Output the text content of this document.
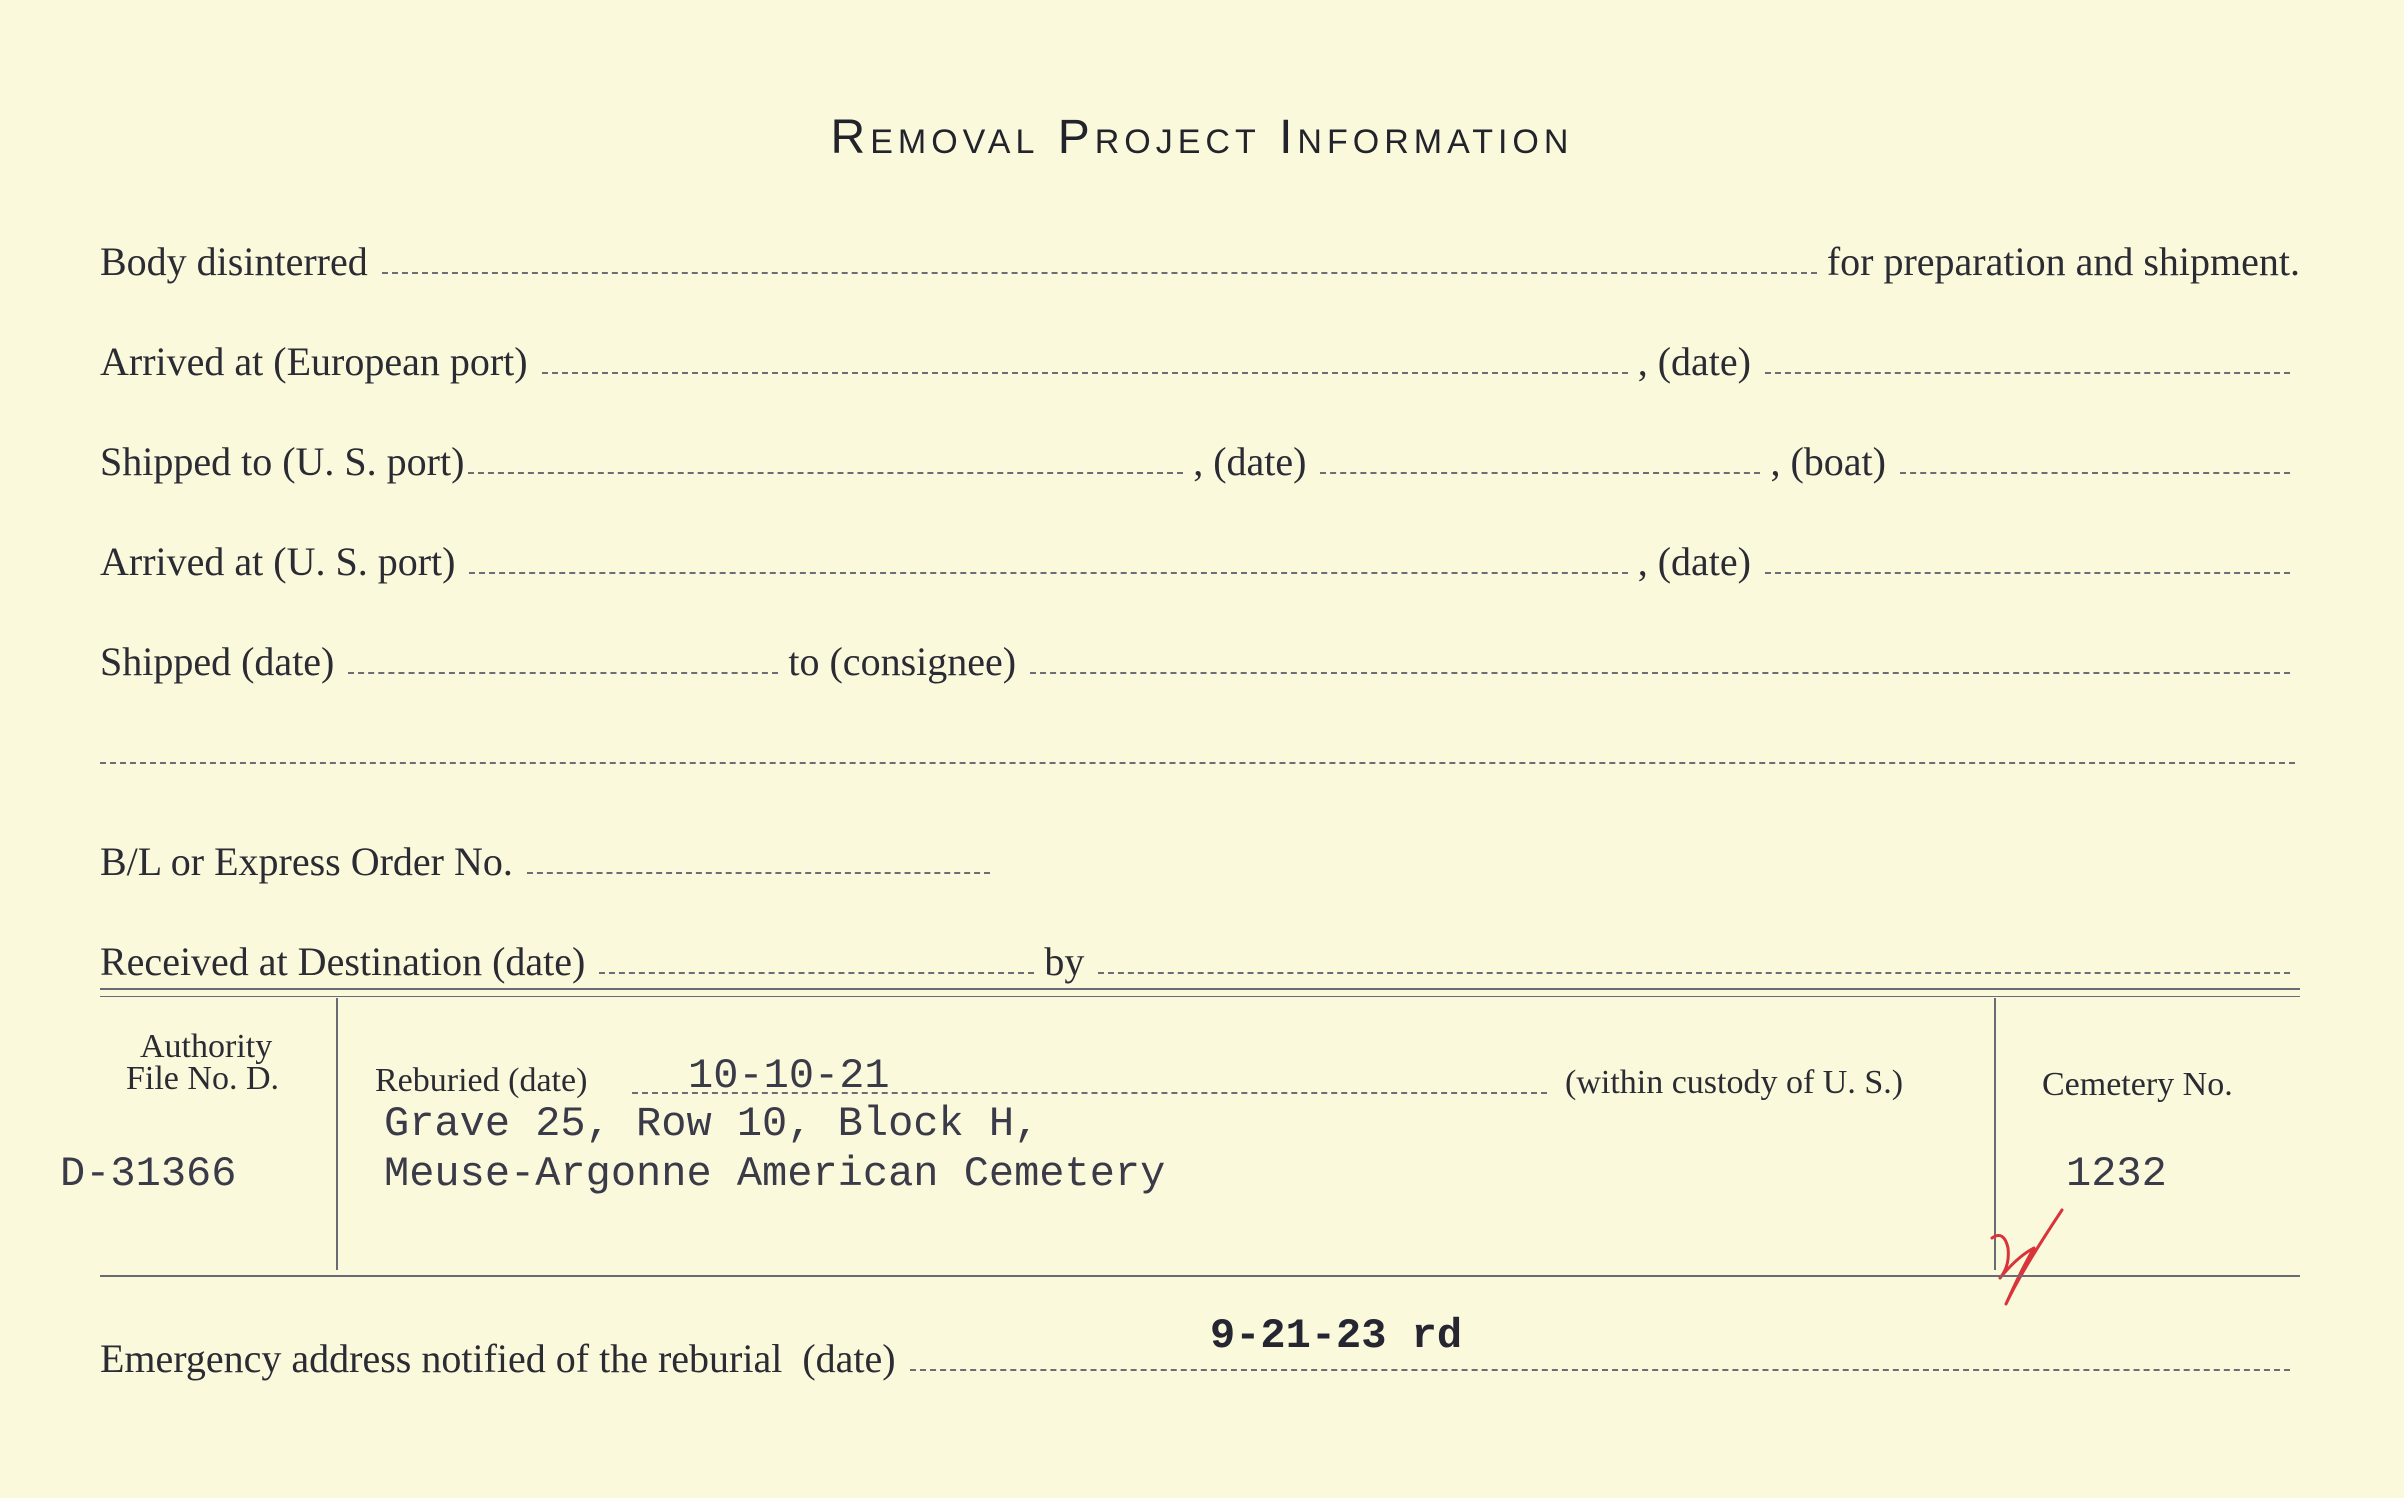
Removal Project Information
Body disinterred	for preparation and shipment.
Arrived at (European port)	, (date)
Shipped to (U. S. port)	, (date)	, (boat)
Arrived at (U. S. port)	, (date)
Shipped (date)	to (consignee)
B/L or Express Order No.
Received at Destination (date)	by
Authority
File No. D.
D-31366
Reburied (date) 10-10-21	(within custody of U. S.)
Grave 25, Row 10, Block H,
Meuse-Argonne American Cemetery
Cemetery No.
1232
Emergency address notified of the reburial  (date)	9-21-23 rd
